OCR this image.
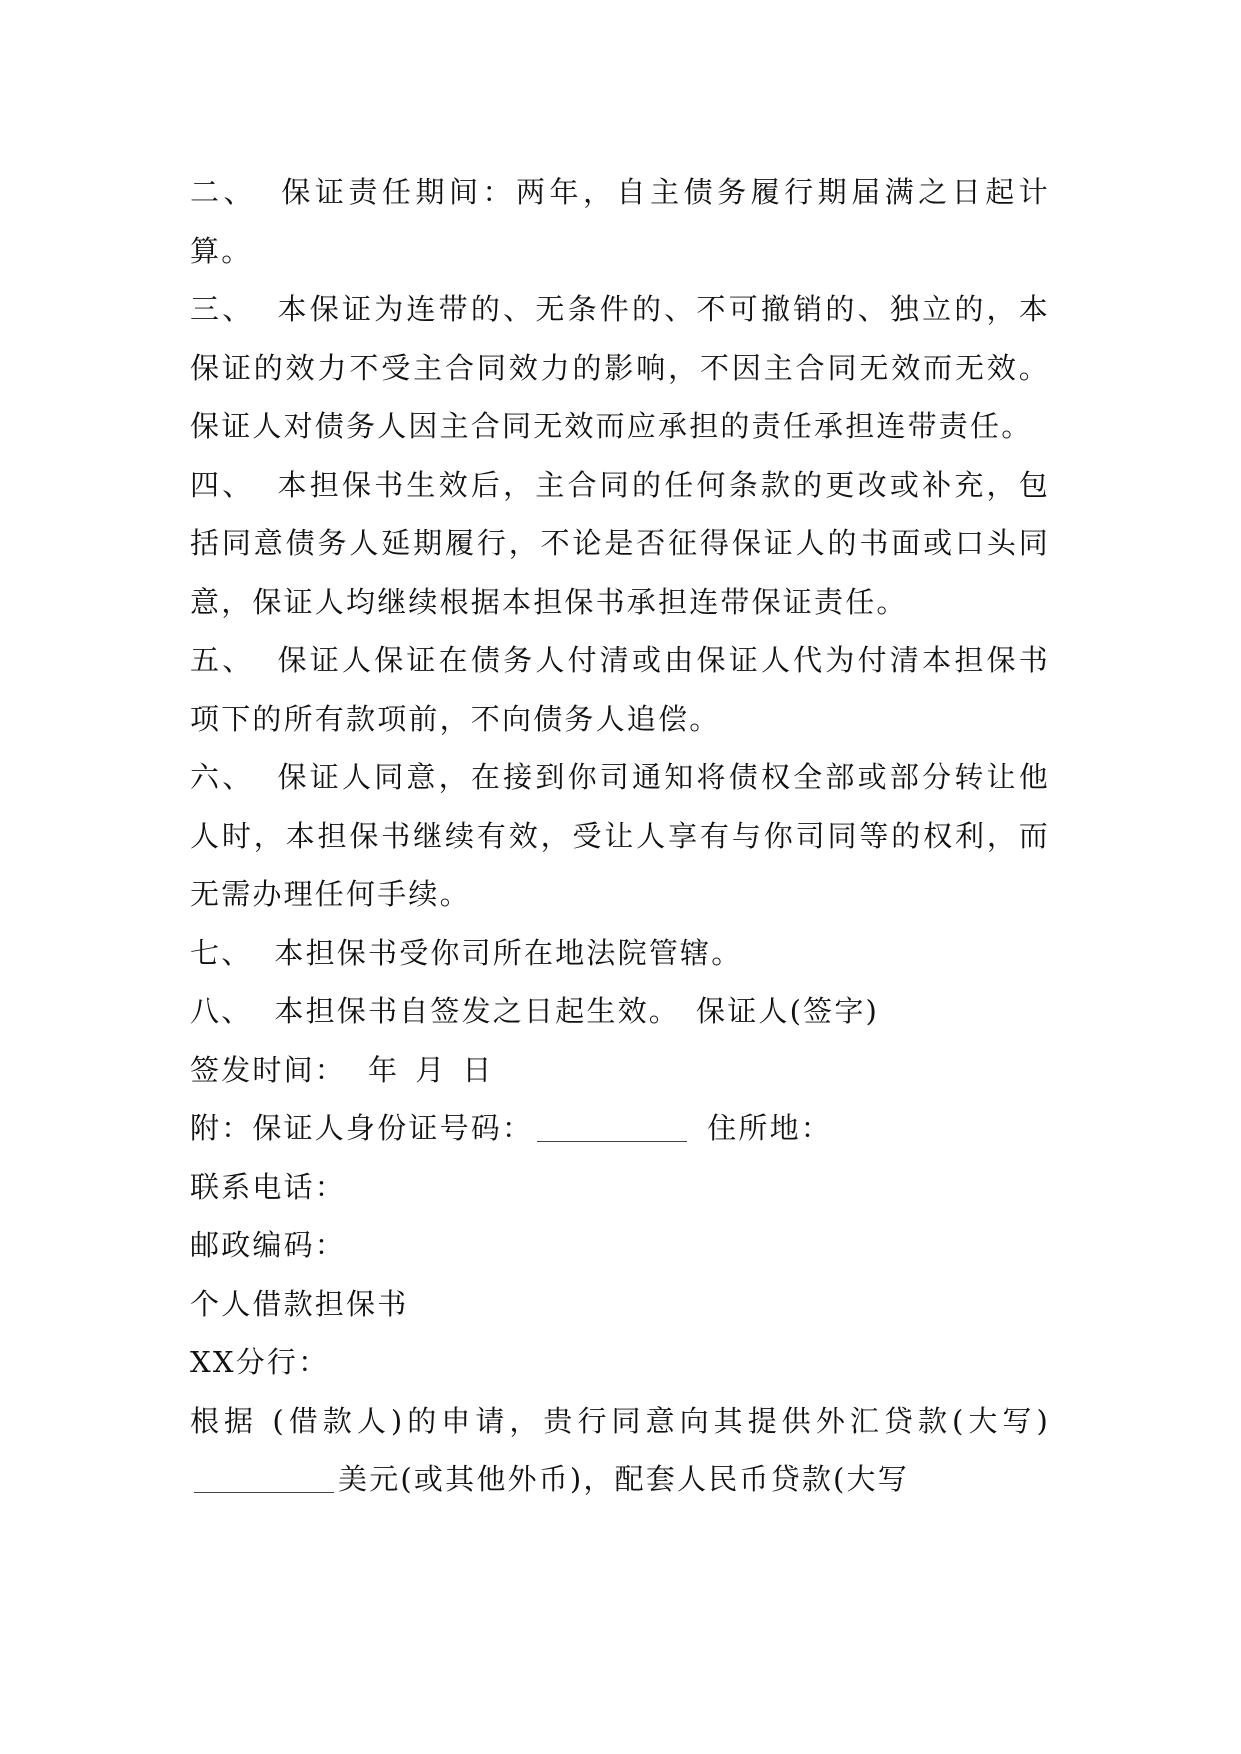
二、 保证责任期间：两年，自主债务履行期届满之日起计算。

三、 本保证为连带的、无条件的、不可撤销的、独立的，本保证的效力不受主合同效力的影响，不因主合同无效而无效。保证人对债务人因主合同无效而应承担的责任承担连带责任。

四、 本担保书生效后，主合同的任何条款的更改或补充，包括同意债务人延期履行，不论是否征得保证人的书面或口头同意，保证人均继续根据本担保书承担连带保证责任。

五、 保证人保证在债务人付清或由保证人代为付清本担保书项下的所有款项前，不向债务人追偿。

六、 保证人同意，在接到你司通知将债权全部或部分转让他人时，本担保书继续有效，受让人享有与你司同等的权利，而无需办理任何手续。

七、 本担保书受你司所在地法院管辖。

八、 本担保书自签发之日起生效。 保证人(签字)

签发时间： 年 月 日

附：保证人身份证号码：	住所地：

联系电话：

邮政编码：

个人借款担保书

XX分行：

根据 (借款人)的申请，贵行同意向其提供外汇贷款(大写)美元(或其他外币)，配套人民币贷款(大写
